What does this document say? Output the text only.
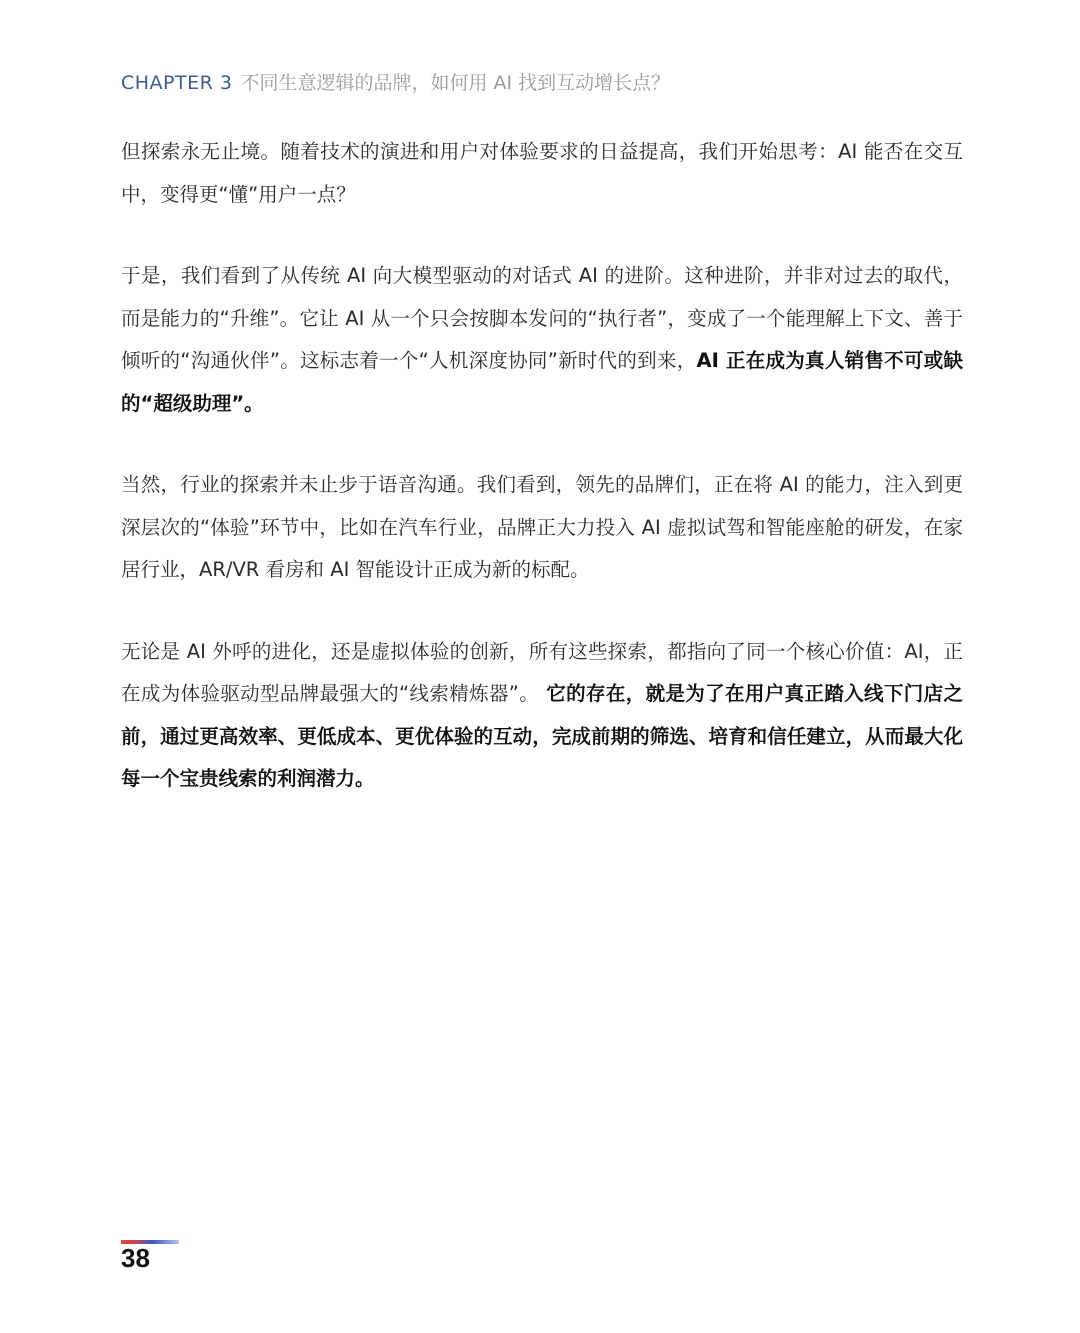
CHAPTER 3 不同生意逻辑的品牌，如何用 AI 找到互动增长点？

但探索永无止境。随着技术的演进和用户对体验要求的日益提高，我们开始思考：AI 能否在交互中，变得更“懂”用户一点？

于是，我们看到了从传统 AI 向大模型驱动的对话式 AI 的进阶。这种进阶，并非对过去的取代，而是能力的“升维”。它让 AI 从一个只会按脚本发问的“执行者”，变成了一个能理解上下文、善于倾听的“沟通伙伴”。这标志着一个“人机深度协同”新时代的到来，AI 正在成为真人销售不可或缺的“超级助理”。

当然，行业的探索并未止步于语音沟通。我们看到，领先的品牌们，正在将 AI 的能力，注入到更深层次的“体验”环节中，比如在汽车行业，品牌正大力投入 AI 虚拟试驾和智能座舱的研发，在家居行业，AR/VR 看房和 AI 智能设计正成为新的标配。

无论是 AI 外呼的进化，还是虚拟体验的创新，所有这些探索，都指向了同一个核心价值：AI，正在成为体验驱动型品牌最强大的“线索精炼器”。 它的存在，就是为了在用户真正踏入线下门店之前，通过更高效率、更低成本、更优体验的互动，完成前期的筛选、培育和信任建立，从而最大化每一个宝贵线索的利润潜力。

38
